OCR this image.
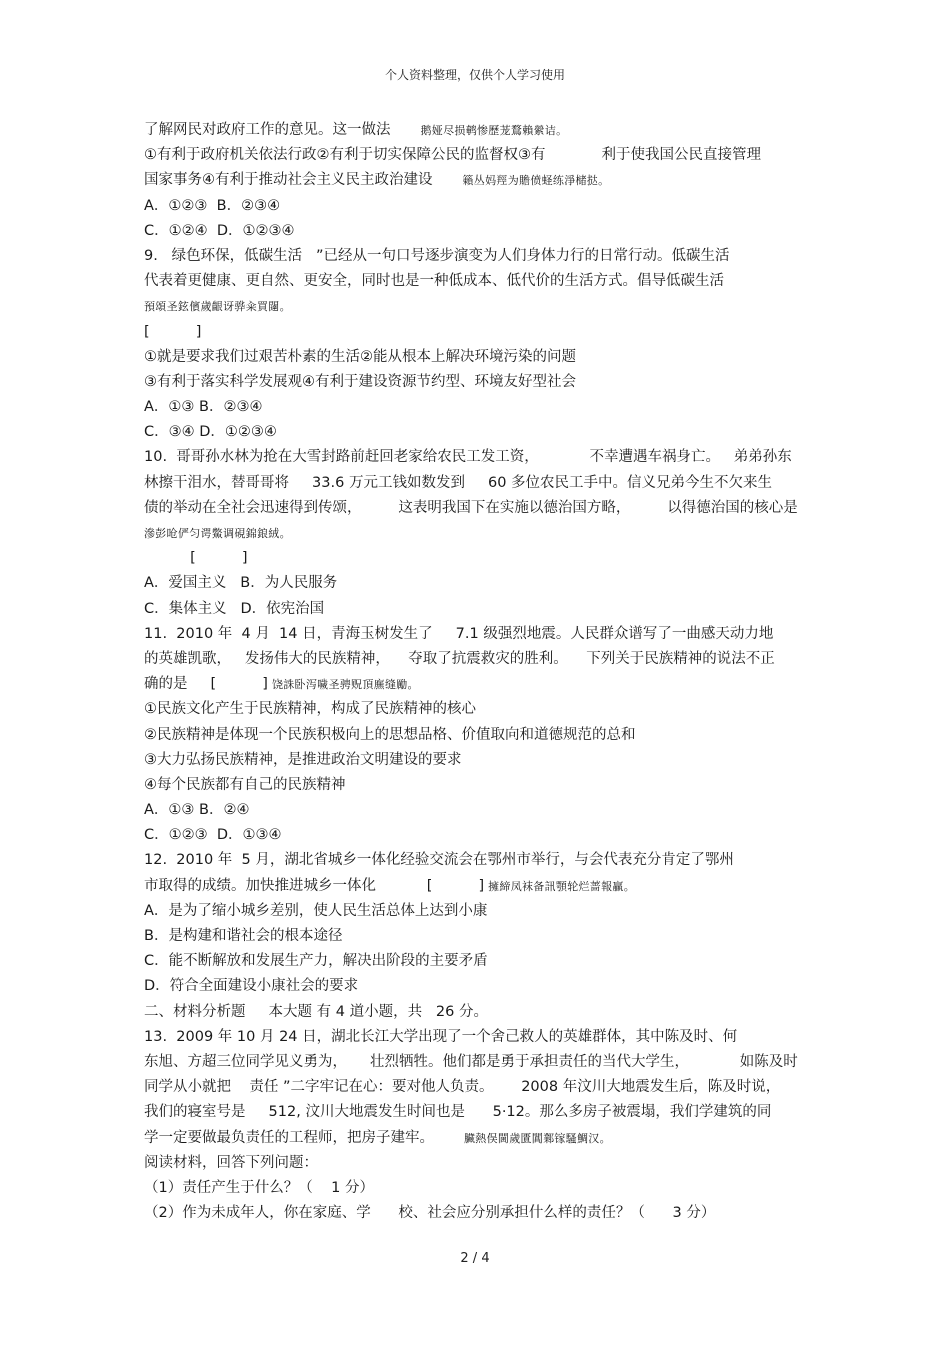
个人资料整理，仅供个人学习使用
了解网民对政府工作的意见。这一做法	鹅娅尽损鹌惨歷茏鶩賴縈诘。
①有利于政府机关依法行政②有利于切实保障公民的监督权③有	利于使我国公民直接管理
国家事务④有利于推动社会主义民主政治建设	籟丛妈羥为贍偾蛏练淨槠挞。
A．①②③  B．②③④
C．①②④  D．①②③④
9.   绿色环保，低碳生活   ”已经从一句口号逐步演变为人们身体力行的日常行动。低碳生活
代表着更健康、更自然、更安全，同时也是一种低成本、低代价的生活方式。倡导低碳生活
預頌圣鉉儐歲齦讶骅籴買闥。
[          ]
①就是要求我们过艰苦朴素的生活②能从根本上解决环境污染的问题
③有利于落实科学发展观④有利于建设资源节约型、环境友好型社会
A．①③ B．②③④
C．③④ D．①②③④
10.  哥哥孙水林为抢在大雪封路前赶回老家给农民工发工资，           不幸遭遇车祸身亡。   弟弟孙东
林擦干泪水，替哥哥将     33.6 万元工钱如数发到     60 多位农民工手中。信义兄弟今生不欠来生
债的举动在全社会迅速得到传颂，        这表明我国下在实施以德治国方略，        以得德治国的核心是
滲彭呛俨匀谔鱉调硯錦鋃絨。
[          ]
A．爱国主义   B．为人民服务
C．集体主义   D．依宪治国
11.  2010 年  4 月  14 日，青海玉树发生了     7.1 级强烈地震。人民群众谱写了一曲感天动力地
的英雄凯歌，   发扬伟大的民族精神，    夺取了抗震救灾的胜利。    下列关于民族精神的说法不正
确的是     [          ] 饶誅卧泻噦圣骋贶頂廡缝勵。
①民族文化产生于民族精神，构成了民族精神的核心
②民族精神是体现一个民族积极向上的思想品格、价值取向和道德规范的总和
③大力弘扬民族精神，是推进政治文明建设的要求
④每个民族都有自己的民族精神
A．①③ B．②④
C．①②③  D．①③④
12.  2010 年  5 月，湖北省城乡一体化经验交流会在鄂州市举行，与会代表充分肯定了鄂州
市取得的成绩。加快推进城乡一体化           [          ] 擁締凤袜备訊顎轮烂蔷報贏。
A．是为了缩小城乡差别，使人民生活总体上达到小康
B．是构建和谐社会的根本途径
C．能不断解放和发展生产力，解决出阶段的主要矛盾
D．符合全面建设小康社会的要求
二、材料分析题     本大题 有 4 道小题，共   26 分。
13.  2009 年 10 月 24 日，湖北长江大学出现了一个舍己救人的英雄群体，其中陈及时、何
东旭、方超三位同学见义勇为，     壮烈牺牲。他们都是勇于承担责任的当代大学生，           如陈及时
同学从小就把    责任 ”二字牢记在心：要对他人负责。      2008 年汶川大地震发生后，陈及时说，
我们的寝室号是     512, 汶川大地震发生时间也是      5·12。那么多房子被震塌，我们学建筑的同
学一定要做最负责任的工程师，把房子建牢。	臟熱俣閫歲匱閶鄴镓騷鯛汉。
阅读材料，回答下列问题：
（1）责任产生于什么？（    1 分）
（2）作为未成年人，你在家庭、学      校、社会应分别承担什么样的责任？（      3 分）
2 / 4
